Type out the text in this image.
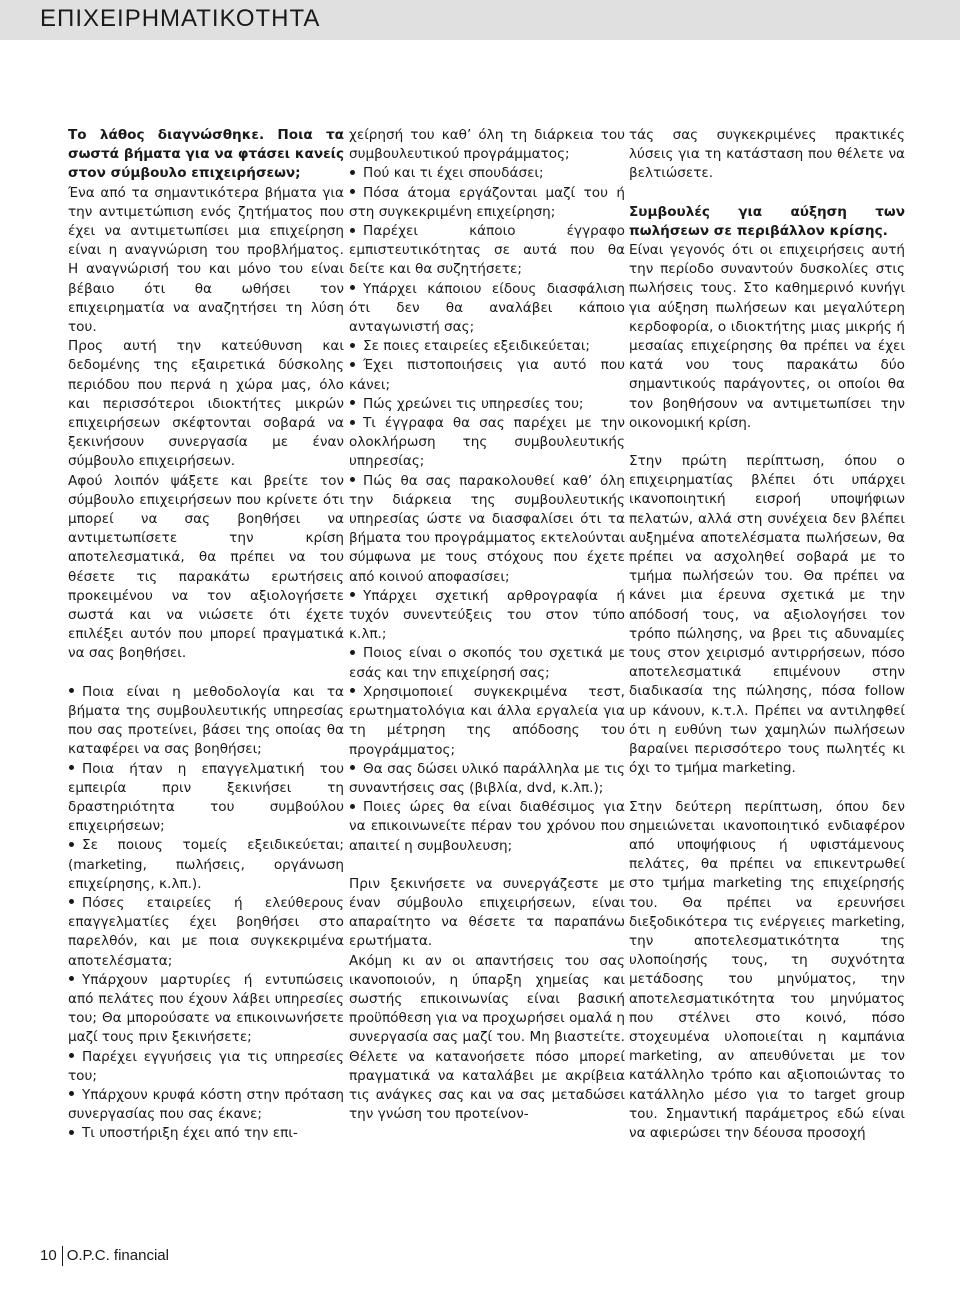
ΕΠΙΧΕΙΡΗΜΑΤΙΚΟΤΗΤΑ

Το λάθος διαγνώσθηκε. Ποια τα σωστά βήματα για να φτάσει κανείς στον σύμβουλο επιχειρήσεων;

Ένα από τα σημαντικότερα βήματα για την αντιμετώπιση ενός ζητήματος που έχει να αντιμετωπίσει μια επιχείρηση είναι η αναγνώριση του προβλήματος. Η αναγνώρισή του και μόνο του είναι βέβαιο ότι θα ωθήσει τον επιχειρηματία να αναζητήσει τη λύση του.

Προς αυτή την κατεύθυνση και δεδομένης της εξαιρετικά δύσκολης περιόδου που περνά η χώρα μας, όλο και περισσότεροι ιδιοκτήτες μικρών επιχειρήσεων σκέφτονται σοβαρά να ξεκινήσουν συνεργασία με έναν σύμβουλο επιχειρήσεων.

Αφού λοιπόν ψάξετε και βρείτε τον σύμβουλο επιχειρήσεων που κρίνετε ότι μπορεί να σας βοηθήσει να αντιμετωπίσετε την κρίση αποτελεσματικά, θα πρέπει να του θέσετε τις παρακάτω ερωτήσεις προκειμένου να τον αξιολογήσετε σωστά και να νιώσετε ότι έχετε επιλέξει αυτόν που μπορεί πραγματικά να σας βοηθήσει.

Ποια είναι η μεθοδολογία και τα βήματα της συμβουλευτικής υπηρεσίας που σας προτείνει, βάσει της οποίας θα καταφέρει να σας βοηθήσει;
Ποια ήταν η επαγγελματική του εμπειρία πριν ξεκινήσει τη δραστηριότητα του συμβούλου επιχειρήσεων;
Σε ποιους τομείς εξειδικεύεται; (marketing, πωλήσεις, οργάνωση επιχείρησης, κ.λπ.).
Πόσες εταιρείες ή ελεύθερους επαγγελματίες έχει βοηθήσει στο παρελθόν, και με ποια συγκεκριμένα αποτελέσματα;
Υπάρχουν μαρτυρίες ή εντυπώσεις από πελάτες που έχουν λάβει υπηρεσίες του; Θα μπορούσατε να επικοινωνήσετε μαζί τους πριν ξεκινήσετε;
Παρέχει εγγυήσεις για τις υπηρεσίες του;
Υπάρχουν κρυφά κόστη στην πρόταση συνεργασίας που σας έκανε;
Τι υποστήριξη έχει από την επι-

χείρησή του καθ’ όλη τη διάρκεια του συμβουλευτικού προγράμματος;

Πού και τι έχει σπουδάσει;
Πόσα άτομα εργάζονται μαζί του ή στη συγκεκριμένη επιχείρηση;
Παρέχει κάποιο έγγραφο εμπιστευτικότητας σε αυτά που θα δείτε και θα συζητήσετε;
Υπάρχει κάποιου είδους διασφάλιση ότι δεν θα αναλάβει κάποιο ανταγωνιστή σας;
Σε ποιες εταιρείες εξειδικεύεται;
Έχει πιστοποιήσεις για αυτό που κάνει;
Πώς χρεώνει τις υπηρεσίες του;
Τι έγγραφα θα σας παρέχει με την ολοκλήρωση της συμβουλευτικής υπηρεσίας;
Πώς θα σας παρακολουθεί καθ’ όλη την διάρκεια της συμβουλευτικής υπηρεσίας ώστε να διασφαλίσει ότι τα βήματα του προγράμματος εκτελούνται σύμφωνα με τους στόχους που έχετε από κοινού αποφασίσει;
Υπάρχει σχετική αρθρογραφία ή τυχόν συνεντεύξεις του στον τύπο κ.λπ.;
Ποιος είναι ο σκοπός του σχετικά με εσάς και την επιχείρησή σας;
Χρησιμοποιεί συγκεκριμένα τεστ, ερωτηματολόγια και άλλα εργαλεία για τη μέτρηση της απόδοσης του προγράμματος;
Θα σας δώσει υλικό παράλληλα με τις συναντήσεις σας (βιβλία, dvd, κ.λπ.);
Ποιες ώρες θα είναι διαθέσιμος για να επικοινωνείτε πέραν του χρόνου που απαιτεί η συμβουλευση;

Πριν ξεκινήσετε να συνεργάζεστε με έναν σύμβουλο επιχειρήσεων, είναι απαραίτητο να θέσετε τα παραπάνω ερωτήματα.

Ακόμη κι αν οι απαντήσεις του σας ικανοποιούν, η ύπαρξη χημείας και σωστής επικοινωνίας είναι βασική προϋπόθεση για να προχωρήσει ομαλά η συνεργασία σας μαζί του. Μη βιαστείτε. Θέλετε να κατανοήσετε πόσο μπορεί πραγματικά να καταλάβει με ακρίβεια τις ανάγκες σας και να σας μεταδώσει την γνώση του προτείνον-

τάς σας συγκεκριμένες πρακτικές λύσεις για τη κατάσταση που θέλετε να βελτιώσετε.

Συμβουλές για αύξηση των πωλήσεων σε περιβάλλον κρίσης.

Είναι γεγονός ότι οι επιχειρήσεις αυτή την περίοδο συναντούν δυσκολίες στις πωλήσεις τους. Στο καθημερινό κυνήγι για αύξηση πωλήσεων και μεγαλύτερη κερδοφορία, ο ιδιοκτήτης μιας μικρής ή μεσαίας επιχείρησης θα πρέπει να έχει κατά νου τους παρακάτω δύο σημαντικούς παράγοντες, οι οποίοι θα τον βοηθήσουν να αντιμετωπίσει την οικονομική κρίση.

Στην πρώτη περίπτωση, όπου ο επιχειρηματίας βλέπει ότι υπάρχει ικανοποιητική εισροή υποψήφιων πελατών, αλλά στη συνέχεια δεν βλέπει αυξημένα αποτελέσματα πωλήσεων, θα πρέπει να ασχοληθεί σοβαρά με το τμήμα πωλήσεών του. Θα πρέπει να κάνει μια έρευνα σχετικά με την απόδοσή τους, να αξιολογήσει τον τρόπο πώλησης, να βρει τις αδυναμίες τους στον χειρισμό αντιρρήσεων, πόσο αποτελεσματικά επιμένουν στην διαδικασία της πώλησης, πόσα follow up κάνουν, κ.τ.λ. Πρέπει να αντιληφθεί ότι η ευθύνη των χαμηλών πωλήσεων βαραίνει περισσότερο τους πωλητές κι όχι το τμήμα marketing.

Στην δεύτερη περίπτωση, όπου δεν σημειώνεται ικανοποιητικό ενδιαφέρον από υποψήφιους ή υφιστάμενους πελάτες, θα πρέπει να επικεντρωθεί στο τμήμα marketing της επιχείρησής του. Θα πρέπει να ερευνήσει διεξοδικότερα τις ενέργειες marketing, την αποτελεσματικότητα της υλοποίησής τους, τη συχνότητα μετάδοσης του μηνύματος, την αποτελεσματικότητα του μηνύματος που στέλνει στο κοινό, πόσο στοχευμένα υλοποιείται η καμπάνια marketing, αν απευθύνεται με τον κατάλληλο τρόπο και αξιοποιώντας το κατάλληλο μέσο για το target group του. Σημαντική παράμετρος εδώ είναι να αφιερώσει την δέουσα προσοχή

10 O.P.C. financial
